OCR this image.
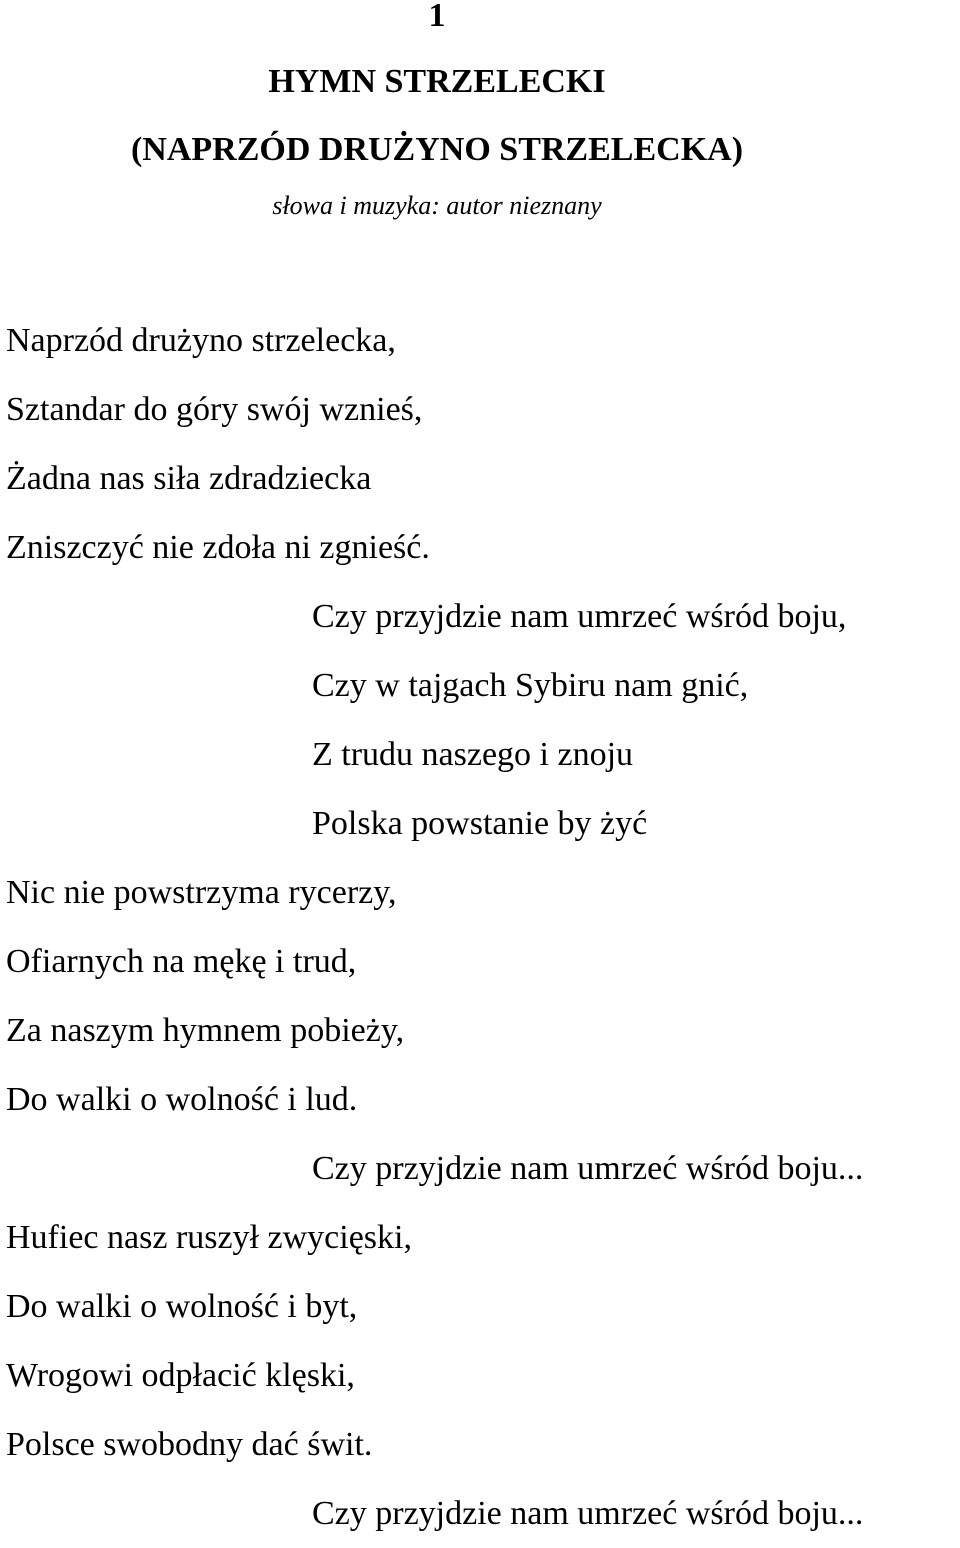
1
HYMN STRZELECKI
(NAPRZÓD DRUŻYNO STRZELECKA)
słowa i muzyka: autor nieznany
Naprzód drużyno strzelecka,
Sztandar do góry swój wznieś,
Żadna nas siła zdradziecka
Zniszczyć nie zdoła ni zgnieść.
Czy przyjdzie nam umrzeć wśród boju,
Czy w tajgach Sybiru nam gnić,
Z trudu naszego i znoju
Polska powstanie by żyć
Nic nie powstrzyma rycerzy,
Ofiarnych na mękę i trud,
Za naszym hymnem pobieży,
Do walki o wolność i lud.
Czy przyjdzie nam umrzeć wśród boju...
Hufiec nasz ruszył zwycięski,
Do walki o wolność i byt,
Wrogowi odpłacić klęski,
Polsce swobodny dać świt.
Czy przyjdzie nam umrzeć wśród boju...
